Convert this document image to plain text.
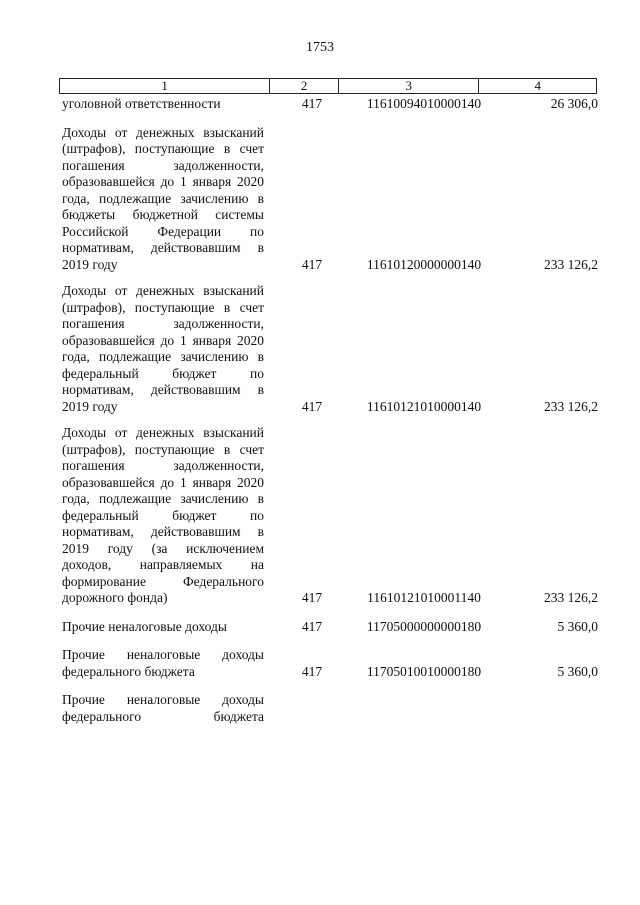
1753
1	2	3	4
уголовной ответственности	417	11610094010000140	26 306,0
Доходы от денежных взысканий (штрафов), поступающие в счет погашения задолженности, образовавшейся до 1 января 2020 года, подлежащие зачислению в бюджеты бюджетной системы Российской Федерации по нормативам, действовавшим в 2019 году	417	11610120000000140	233 126,2
Доходы от денежных взысканий (штрафов), поступающие в счет погашения задолженности, образовавшейся до 1 января 2020 года, подлежащие зачислению в федеральный бюджет по нормативам, действовавшим в 2019 году	417	11610121010000140	233 126,2
Доходы от денежных взысканий (штрафов), поступающие в счет погашения задолженности, образовавшейся до 1 января 2020 года, подлежащие зачислению в федеральный бюджет по нормативам, действовавшим в 2019 году (за исключением доходов, направляемых на формирование Федерального дорожного фонда)	417	11610121010001140	233 126,2
Прочие неналоговые доходы	417	11705000000000180	5 360,0
Прочие неналоговые доходы федерального бюджета	417	11705010010000180	5 360,0
Прочие неналоговые доходы федерального бюджета
